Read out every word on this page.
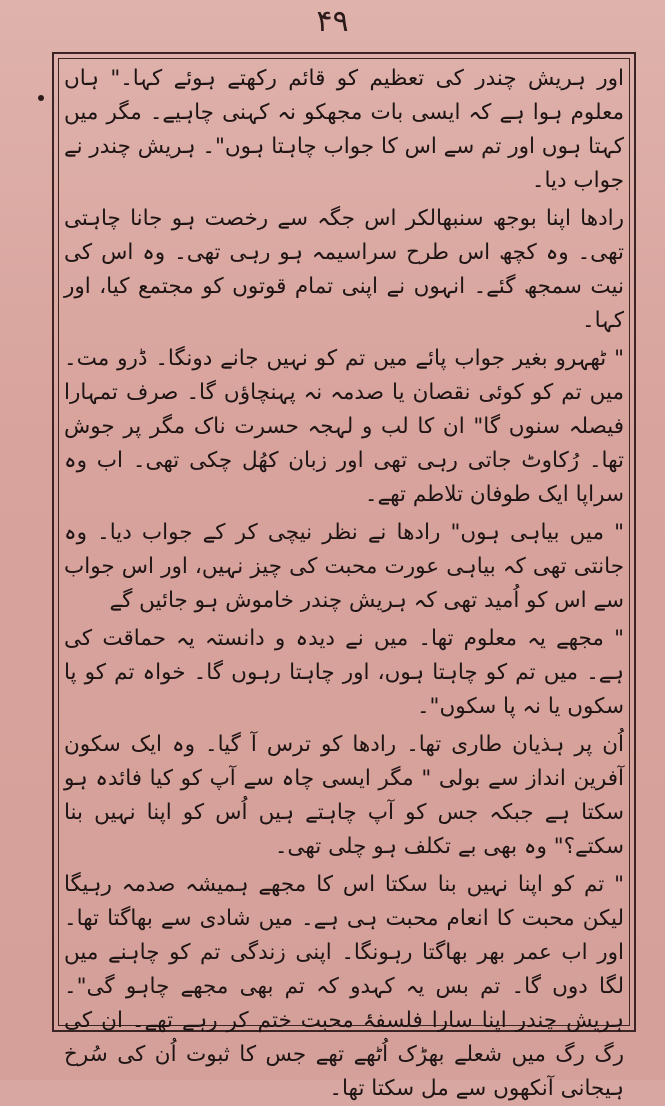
۴۹

اور ہریش چندر کی تعظیم کو قائم رکھتے ہوئے کہا۔" ہاں معلوم ہوا ہے کہ ایسی بات مجھکو نہ کہنی چاہیے۔ مگر میں کہتا ہوں اور تم سے اس کا جواب چاہتا ہوں"۔ ہریش چندر نے جواب دیا۔

رادھا اپنا بوجھ سنبھالکر اس جگہ سے رخصت ہو جانا چاہتی تھی۔ وہ کچھ اس طرح سراسیمہ ہو رہی تھی۔ وہ اس کی نیت سمجھ گئے۔ انہوں نے اپنی تمام قوتوں کو مجتمع کیا، اور کہا۔

" ٹھہرو بغیر جواب پائے میں تم کو نہیں جانے دونگا۔ ڈرو مت۔ میں تم کو کوئی نقصان یا صدمہ نہ پہنچاؤں گا۔ صرف تمہارا فیصلہ سنوں گا" ان کا لب و لہجہ حسرت ناک مگر پر جوش تھا۔ رُکاوٹ جاتی رہی تھی اور زبان کھُل چکی تھی۔ اب وہ سراپا ایک طوفان تلاطم تھے۔

" میں بیاہی ہوں" رادھا نے نظر نیچی کر کے جواب دیا۔ وہ جانتی تھی کہ بیاہی عورت محبت کی چیز نہیں، اور اس جواب سے اس کو اُمید تھی کہ ہریش چندر خاموش ہو جائیں گے

" مجھے یہ معلوم تھا۔ میں نے دیدہ و دانستہ یہ حماقت کی ہے۔ میں تم کو چاہتا ہوں، اور چاہتا رہوں گا۔ خواہ تم کو پا سکوں یا نہ پا سکوں"۔

اُن پر ہذیان طاری تھا۔ رادھا کو ترس آ گیا۔ وہ ایک سکون آفرین انداز سے بولی " مگر ایسی چاہ سے آپ کو کیا فائدہ ہو سکتا ہے جبکہ جس کو آپ چاہتے ہیں اُس کو اپنا نہیں بنا سکتے؟" وہ بھی بے تکلف ہو چلی تھی۔

" تم کو اپنا نہیں بنا سکتا اس کا مجھے ہمیشہ صدمہ رہیگا لیکن محبت کا انعام محبت ہی ہے۔ میں شادی سے بھاگتا تھا۔ اور اب عمر بھر بھاگتا رہونگا۔ اپنی زندگی تم کو چاہنے میں لگا دوں گا۔ تم بس یہ کہدو کہ تم بھی مجھے چاہو گی"۔ ہریش چندر اپنا سارا فلسفۂ محبت ختم کر رہے تھے۔ ان کی رگ رگ میں شعلے بھڑک اُٹھے تھے جس کا ثبوت اُن کی سُرخ ہیجانی آنکھوں سے مل سکتا تھا۔
